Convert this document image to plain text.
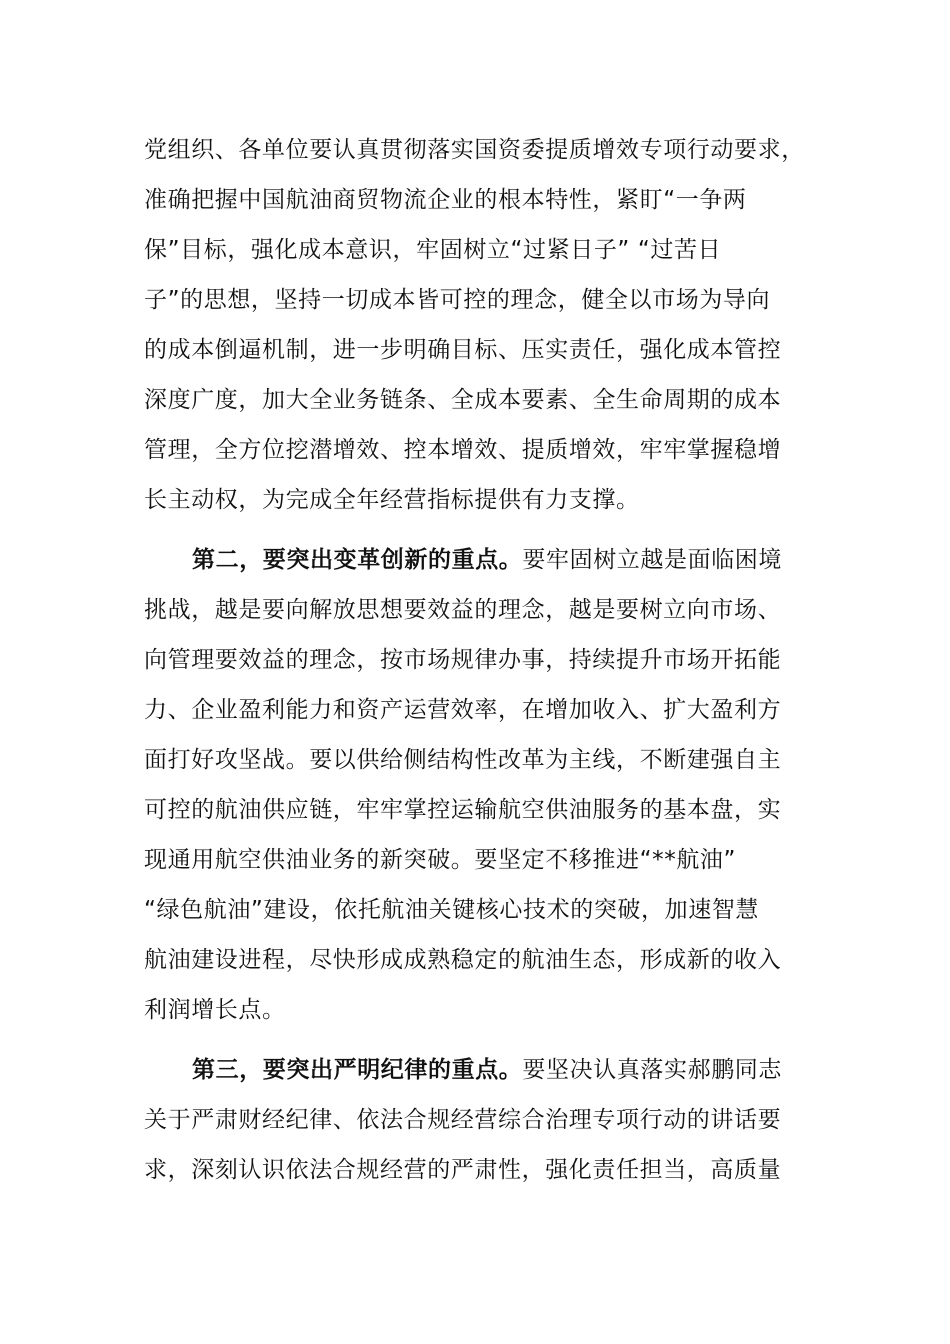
党组织、各单位要认真贯彻落实国资委提质增效专项行动要求，
准确把握中国航油商贸物流企业的根本特性，紧盯“一争两
保”目标，强化成本意识，牢固树立“过紧日子” “过苦日
子”的思想，坚持一切成本皆可控的理念，健全以市场为导向
的成本倒逼机制，进一步明确目标、压实责任，强化成本管控
深度广度，加大全业务链条、全成本要素、全生命周期的成本
管理，全方位挖潜增效、控本增效、提质增效，牢牢掌握稳增
长主动权，为完成全年经营指标提供有力支撑。
第二，要突出变革创新的重点。要牢固树立越是面临困境
挑战，越是要向解放思想要效益的理念，越是要树立向市场、
向管理要效益的理念，按市场规律办事，持续提升市场开拓能
力、企业盈利能力和资产运营效率，在增加收入、扩大盈利方
面打好攻坚战。要以供给侧结构性改革为主线，不断建强自主
可控的航油供应链，牢牢掌控运输航空供油服务的基本盘，实
现通用航空供油业务的新突破。要坚定不移推进“**航油”
“绿色航油”建设，依托航油关键核心技术的突破，加速智慧
航油建设进程，尽快形成成熟稳定的航油生态，形成新的收入
利润增长点。
第三，要突出严明纪律的重点。要坚决认真落实郝鹏同志
关于严肃财经纪律、依法合规经营综合治理专项行动的讲话要
求，深刻认识依法合规经营的严肃性，强化责任担当，高质量
